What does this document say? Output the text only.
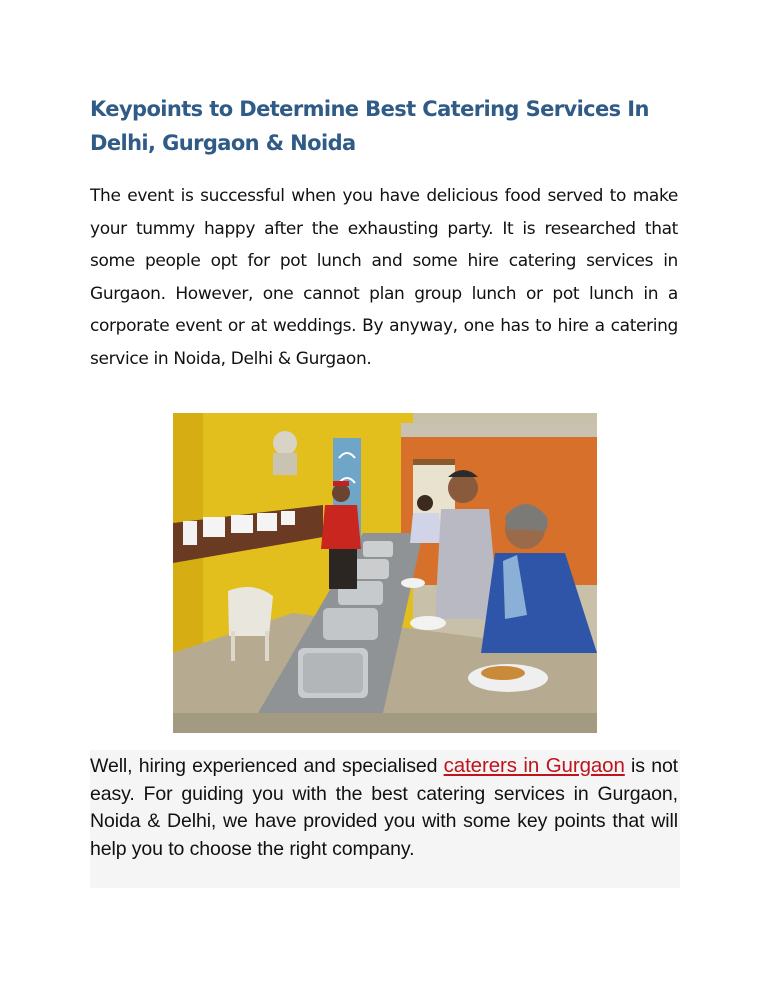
Keypoints to Determine Best Catering Services In Delhi, Gurgaon & Noida

The event is successful when you have delicious food served to make your tummy happy after the exhausting party. It is researched that some people opt for pot lunch and some hire catering services in Gurgaon. However, one cannot plan group lunch or pot lunch in a corporate event or at weddings. By anyway, one has to hire a catering service in Noida, Delhi & Gurgaon.

Well, hiring experienced and specialised caterers in Gurgaon is not easy. For guiding you with the best catering services in Gurgaon, Noida & Delhi, we have provided you with some key points that will help you to choose the right company.
